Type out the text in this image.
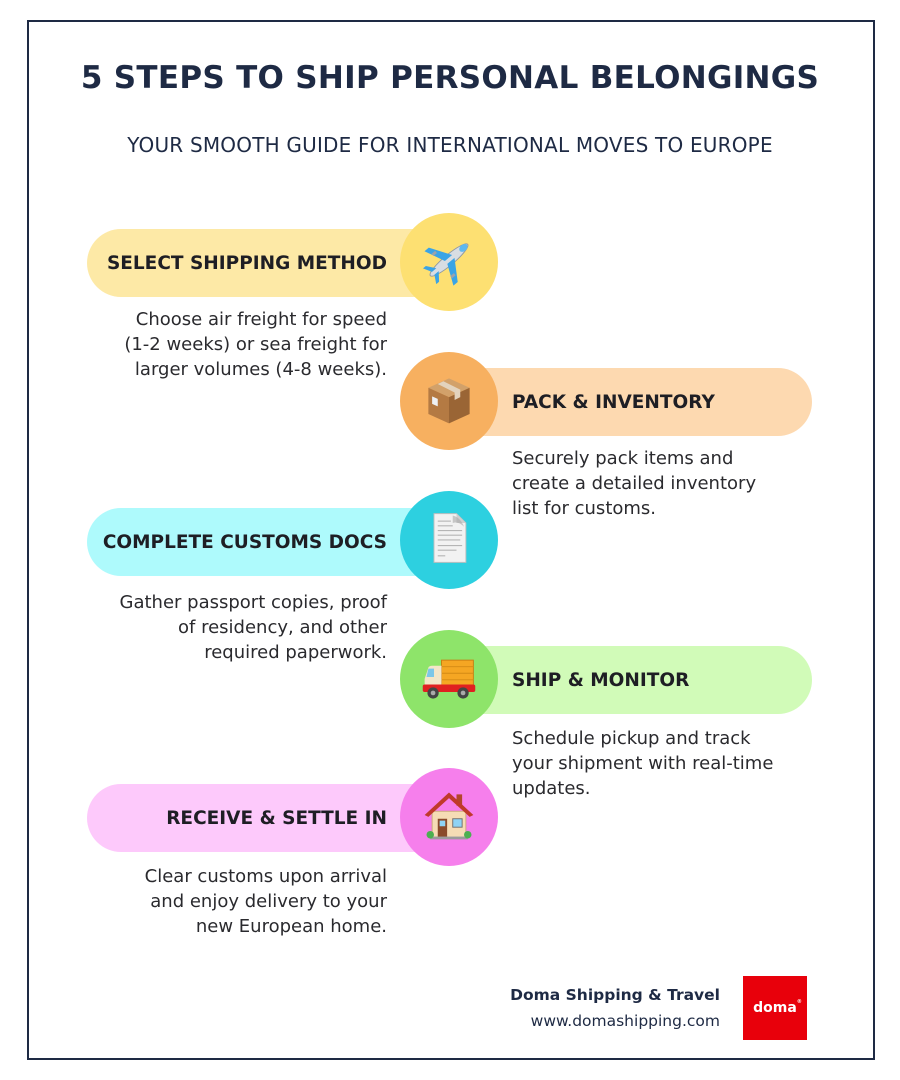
5 STEPS TO SHIP PERSONAL BELONGINGS
YOUR SMOOTH GUIDE FOR INTERNATIONAL MOVES TO EUROPE
SELECT SHIPPING METHOD
Choose air freight for speed
(1-2 weeks) or sea freight for
larger volumes (4-8 weeks).
PACK & INVENTORY
Securely pack items and
create a detailed inventory
list for customs.
COMPLETE CUSTOMS DOCS
Gather passport copies, proof
of residency, and other
required paperwork.
SHIP & MONITOR
Schedule pickup and track
your shipment with real-time
updates.
RECEIVE & SETTLE IN
Clear customs upon arrival
and enjoy delivery to your
new European home.
Doma Shipping & Travel
www.domashipping.com
doma ®
